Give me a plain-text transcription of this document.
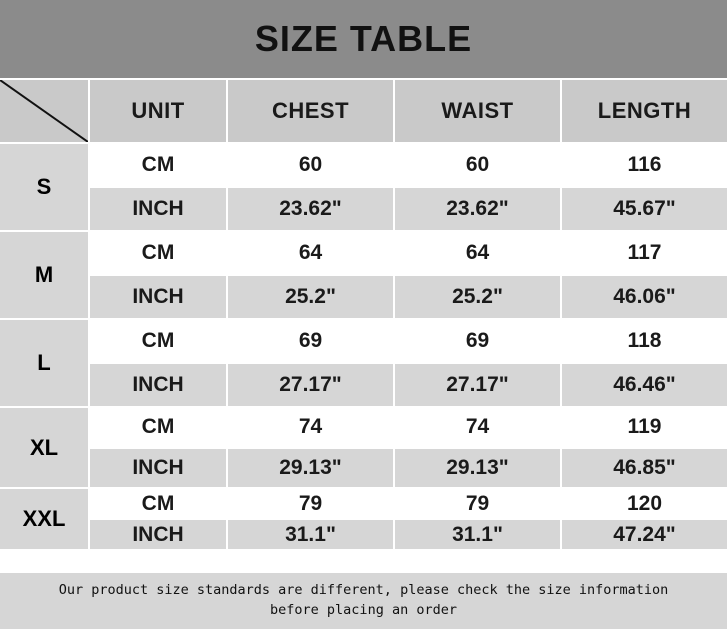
SIZE TABLE
UNIT	CHEST	WAIST	LENGTH
S
CM	60	60	116
INCH	23.62"	23.62"	45.67"
M
CM	64	64	117
INCH	25.2"	25.2"	46.06"
L
CM	69	69	118
INCH	27.17"	27.17"	46.46"
XL
CM	74	74	119
INCH	29.13"	29.13"	46.85"
XXL
CM	79	79	120
INCH	31.1"	31.1"	47.24"
Our product size standards are different, please check the size information
before placing an order
